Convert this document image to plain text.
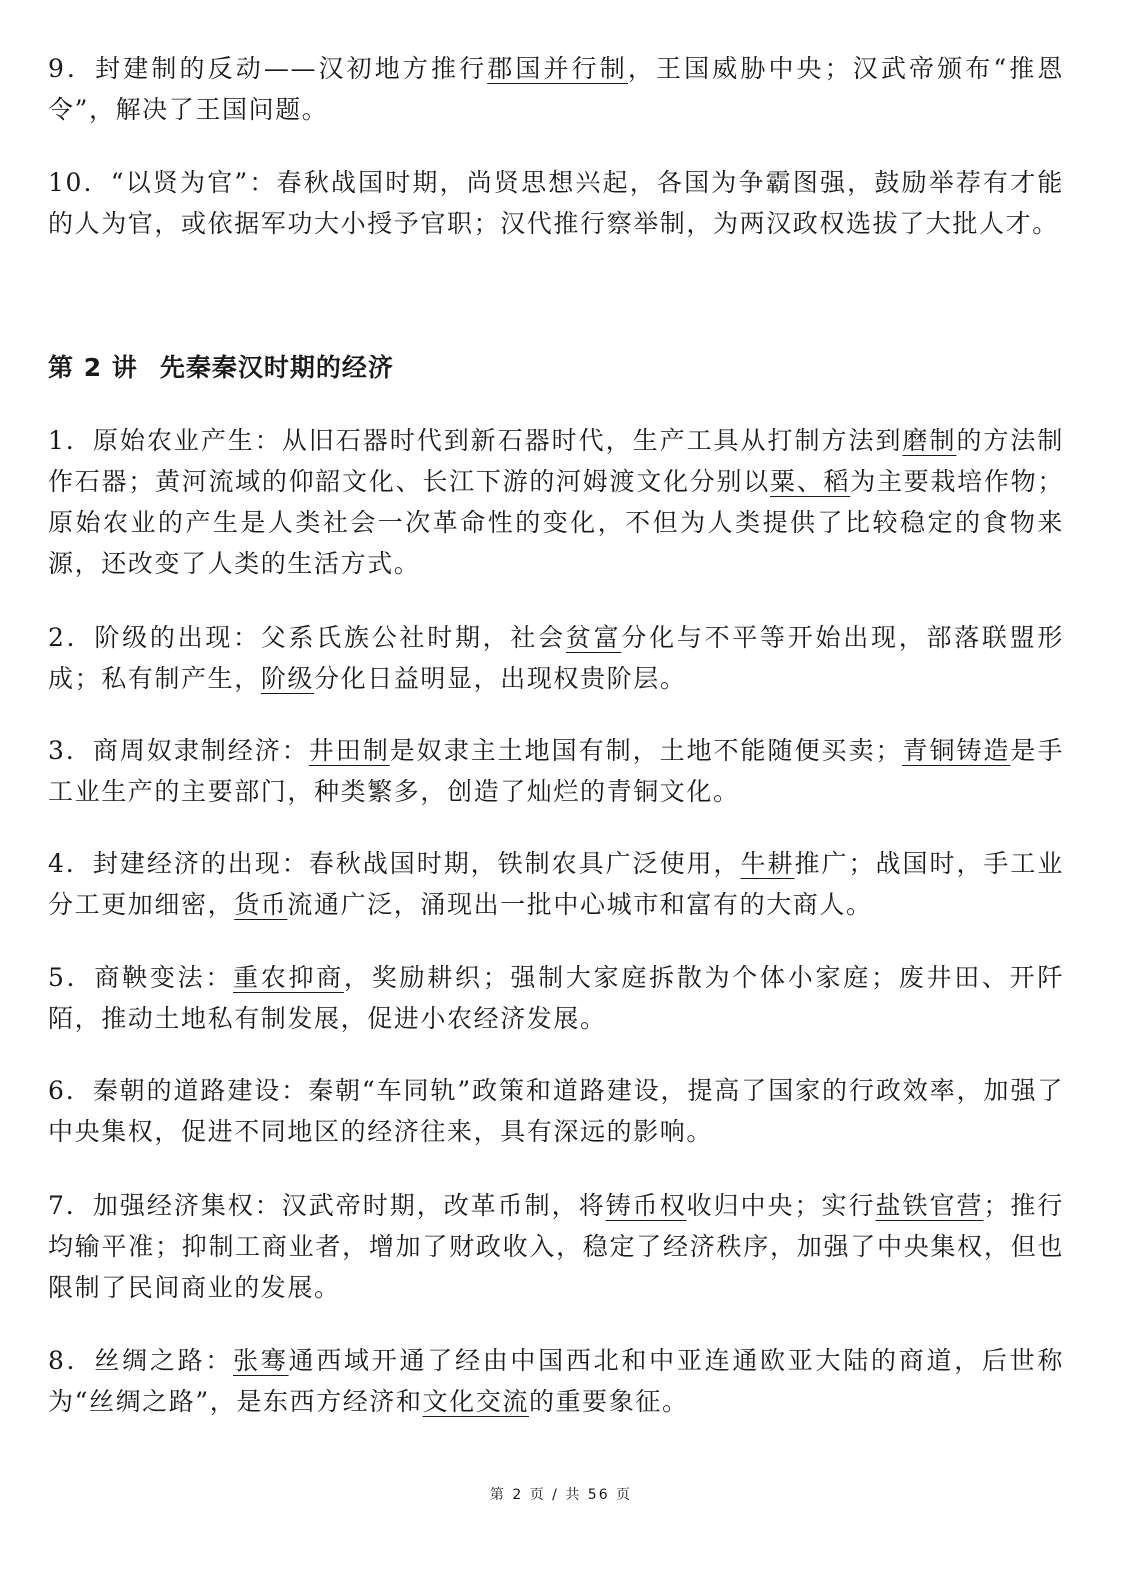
9．封建制的反动——汉初地方推行郡国并行制，王国威胁中央；汉武帝颁布“推恩令”，解决了王国问题。

10．“以贤为官”：春秋战国时期，尚贤思想兴起，各国为争霸图强，鼓励举荐有才能的人为官，或依据军功大小授予官职；汉代推行察举制，为两汉政权选拔了大批人才。

第 2 讲 先秦秦汉时期的经济

1．原始农业产生：从旧石器时代到新石器时代，生产工具从打制方法到磨制的方法制作石器；黄河流域的仰韶文化、长江下游的河姆渡文化分别以粟、稻为主要栽培作物；原始农业的产生是人类社会一次革命性的变化，不但为人类提供了比较稳定的食物来源，还改变了人类的生活方式。

2．阶级的出现：父系氏族公社时期，社会贫富分化与不平等开始出现，部落联盟形成；私有制产生，阶级分化日益明显，出现权贵阶层。

3．商周奴隶制经济：井田制是奴隶主土地国有制，土地不能随便买卖；青铜铸造是手工业生产的主要部门，种类繁多，创造了灿烂的青铜文化。

4．封建经济的出现：春秋战国时期，铁制农具广泛使用，牛耕推广；战国时，手工业分工更加细密，货币流通广泛，涌现出一批中心城市和富有的大商人。

5．商鞅变法：重农抑商，奖励耕织；强制大家庭拆散为个体小家庭；废井田、开阡陌，推动土地私有制发展，促进小农经济发展。

6．秦朝的道路建设：秦朝“车同轨”政策和道路建设，提高了国家的行政效率，加强了中央集权，促进不同地区的经济往来，具有深远的影响。

7．加强经济集权：汉武帝时期，改革币制，将铸币权收归中央；实行盐铁官营；推行均输平准；抑制工商业者，增加了财政收入，稳定了经济秩序，加强了中央集权，但也限制了民间商业的发展。

8．丝绸之路：张骞通西域开通了经由中国西北和中亚连通欧亚大陆的商道，后世称为“丝绸之路”，是东西方经济和文化交流的重要象征。

第 2 页 / 共 56 页
